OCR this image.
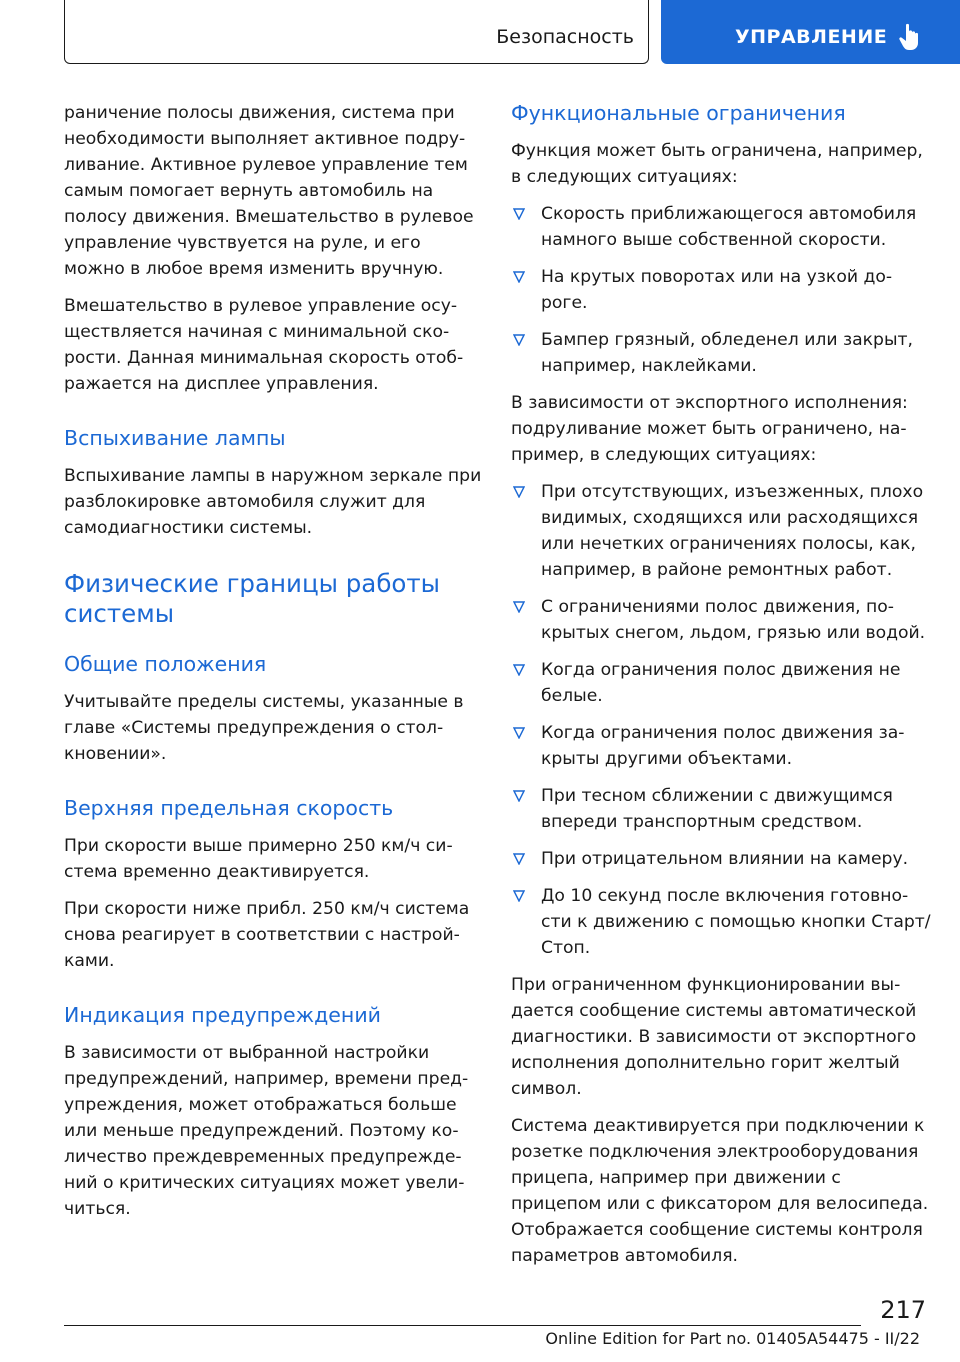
Безопасность	УПРАВЛЕНИЕ

раничение полосы движения, система при необходимости выполняет активное подруливание. Активное рулевое управление тем самым помогает вернуть автомобиль на полосу движения. Вмешательство в рулевое управление чувствуется на руле, и его можно в любое время изменить вручную.

Вмешательство в рулевое управление осуществляется начиная с минимальной скорости. Данная минимальная скорость отображается на дисплее управления.

Вспыхивание лампы

Вспыхивание лампы в наружном зеркале при разблокировке автомобиля служит для самодиагностики системы.

Физические границы работы системы
Общие положения

Учитывайте пределы системы, указанные в главе «Системы предупреждения о столкновении».

Верхняя предельная скорость

При скорости выше примерно 250 км/ч система временно деактивируется.

При скорости ниже прибл. 250 км/ч система снова реагирует в соответствии с настройками.

Индикация предупреждений

В зависимости от выбранной настройки предупреждений, например, времени предупреждения, может отображаться больше или меньше предупреждений. Поэтому количество преждевременных предупреждений о критических ситуациях может увеличиться.

Функциональные ограничения

Функция может быть ограничена, например, в следующих ситуациях:

Скорость приближающегося автомобиля намного выше собственной скорости.
На крутых поворотах или на узкой дороге.
Бампер грязный, обледенел или закрыт, например, наклейками.

В зависимости от экспортного исполнения: подруливание может быть ограничено, например, в следующих ситуациях:

При отсутствующих, изъезженных, плохо видимых, сходящихся или расходящихся или нечетких ограничениях полосы, как, например, в районе ремонтных работ.
С ограничениями полос движения, покрытых снегом, льдом, грязью или водой.
Когда ограничения полос движения не белые.
Когда ограничения полос движения закрыты другими объектами.
При тесном сближении с движущимся впереди транспортным средством.
При отрицательном влиянии на камеру.
До 10 секунд после включения готовности к движению с помощью кнопки Старт/Стоп.

При ограниченном функционировании выдается сообщение системы автоматической диагностики. В зависимости от экспортного исполнения дополнительно горит желтый символ.

Система деактивируется при подключении к розетке подключения электрооборудования прицепа, например при движении с прицепом или с фиксатором для велосипеда. Отображается сообщение системы контроля параметров автомобиля.

217
Online Edition for Part no. 01405A54475 - II/22
